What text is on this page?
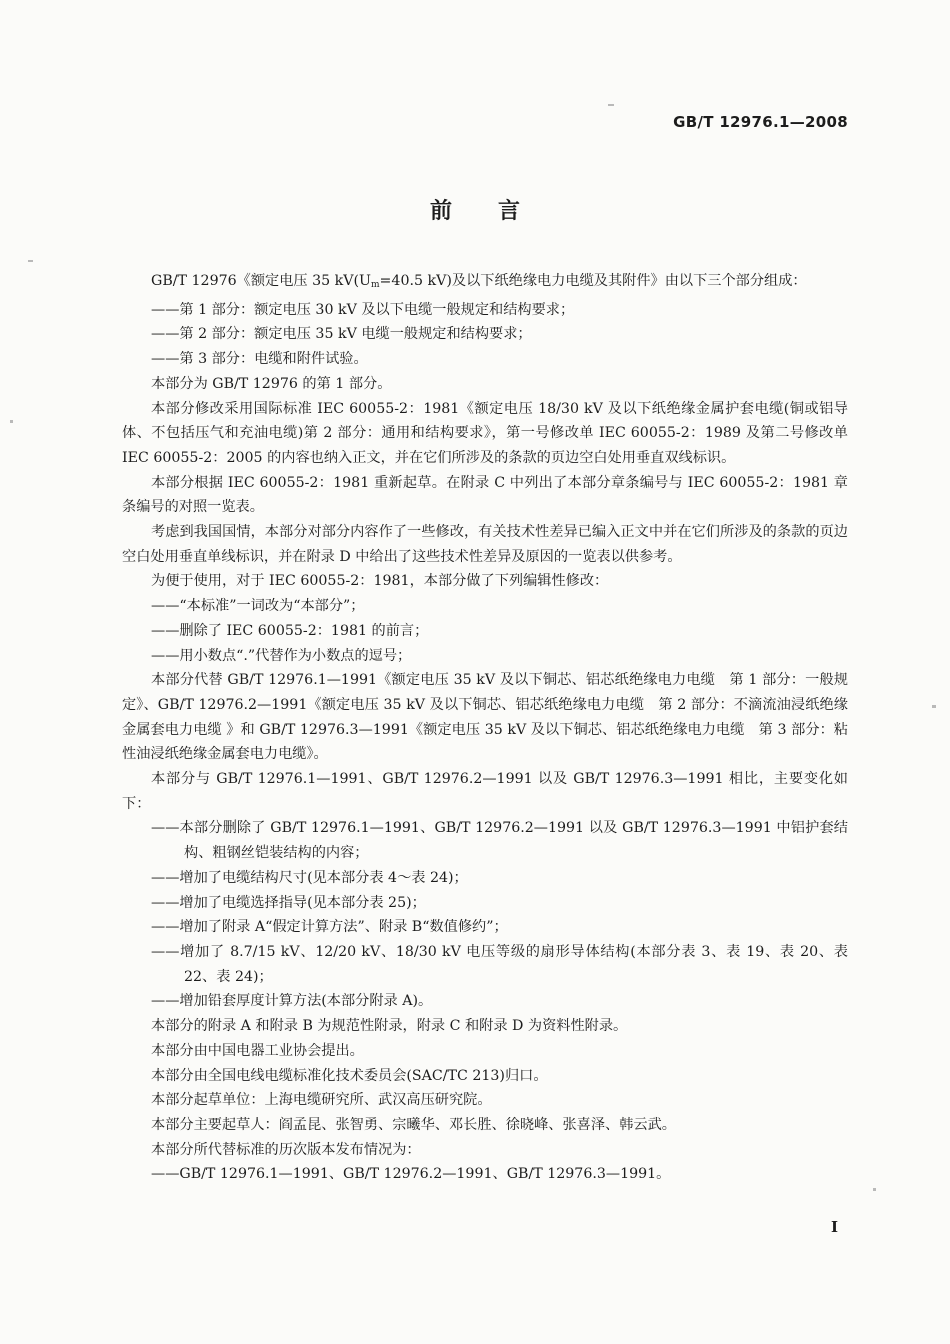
GB/T 12976.1—2008
前言

GB/T 12976《额定电压 35 $kV(U_m=40.5$ kV)及以下纸绝缘电力电缆及其附件》由以下三个部分组成：

——第 1 部分：额定电压 30 kV 及以下电缆一般规定和结构要求；

——第 2 部分：额定电压 35 kV 电缆一般规定和结构要求；

——第 3 部分：电缆和附件试验。

本部分为 GB/T 12976 的第 1 部分。

本部分修改采用国际标准 IEC 60055-2：1981《额定电压 18/30 kV 及以下纸绝缘金属护套电缆(铜或铝导体、不包括压气和充油电缆)第 2 部分：通用和结构要求》，第一号修改单 IEC 60055-2：1989 及第二号修改单 IEC 60055-2：2005 的内容也纳入正文，并在它们所涉及的条款的页边空白处用垂直双线标识。

本部分根据 IEC 60055-2：1981 重新起草。在附录 C 中列出了本部分章条编号与 IEC 60055-2：1981 章条编号的对照一览表。

考虑到我国国情，本部分对部分内容作了一些修改，有关技术性差异已编入正文中并在它们所涉及的条款的页边空白处用垂直单线标识，并在附录 D 中给出了这些技术性差异及原因的一览表以供参考。

为便于使用，对于 IEC 60055-2：1981，本部分做了下列编辑性修改：

——“本标准”一词改为“本部分”；

——删除了 IEC 60055-2：1981 的前言；

——用小数点“.”代替作为小数点的逗号；

本部分代替 GB/T 12976.1—1991《额定电压 35 kV 及以下铜芯、铝芯纸绝缘电力电缆　第 1 部分：一般规定》、GB/T 12976.2—1991《额定电压 35 kV 及以下铜芯、铝芯纸绝缘电力电缆　第 2 部分：不滴流油浸纸绝缘金属套电力电缆 》和 GB/T 12976.3—1991《额定电压 35 kV 及以下铜芯、铝芯纸绝缘电力电缆　第 3 部分：粘性油浸纸绝缘金属套电力电缆》。

本部分与 GB/T 12976.1—1991、GB/T 12976.2—1991 以及 GB/T 12976.3—1991 相比，主要变化如下：

——本部分删除了 GB/T 12976.1—1991、GB/T 12976.2—1991 以及 GB/T 12976.3—1991 中铝护套结构、粗钢丝铠装结构的内容；

——增加了电缆结构尺寸(见本部分表 4～表 24)；

——增加了电缆选择指导(见本部分表 25)；

——增加了附录 A“假定计算方法”、附录 B“数值修约”；

——增加了 8.7/15 kV、12/20 kV、18/30 kV 电压等级的扇形导体结构(本部分表 3、表 19、表 20、表 22、表 24)；

——增加铅套厚度计算方法(本部分附录 A)。

本部分的附录 A 和附录 B 为规范性附录，附录 C 和附录 D 为资料性附录。

本部分由中国电器工业协会提出。

本部分由全国电线电缆标准化技术委员会(SAC/TC 213)归口。

本部分起草单位：上海电缆研究所、武汉高压研究院。

本部分主要起草人：阎孟昆、张智勇、宗曦华、邓长胜、徐晓峰、张喜泽、韩云武。

本部分所代替标准的历次版本发布情况为：

——GB/T 12976.1—1991、GB/T 12976.2—1991、GB/T 12976.3—1991。

I
